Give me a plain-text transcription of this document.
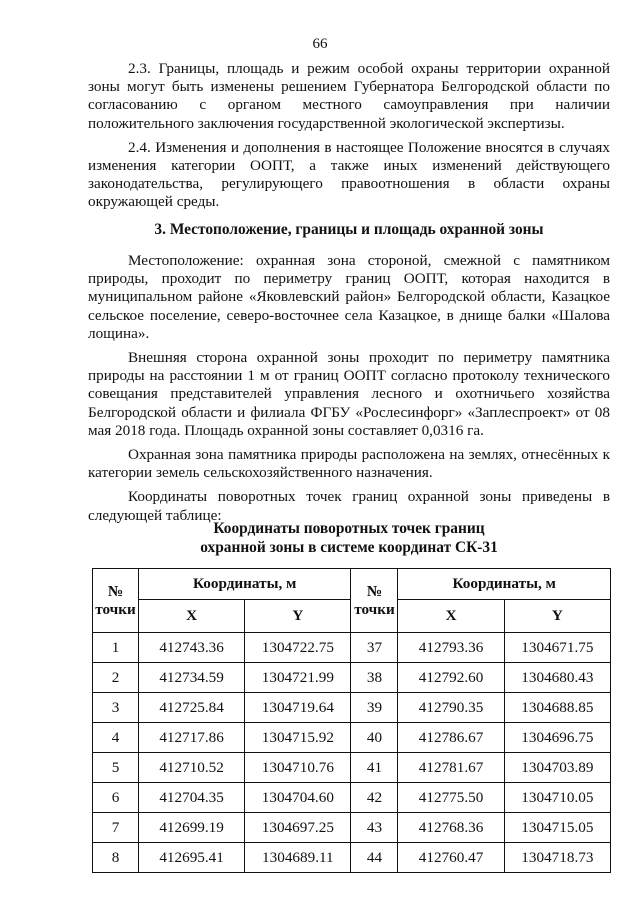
66

2.3. Границы, площадь и режим особой охраны территории охранной зоны могут быть изменены решением Губернатора Белгородской области по согласованию с органом местного самоуправления при наличии положительного заключения государственной экологической экспертизы.

2.4. Изменения и дополнения в настоящее Положение вносятся в случаях изменения категории ООПТ, а также иных изменений действующего законодательства, регулирующего правоотношения в области охраны окружающей среды.

3. Местоположение, границы и площадь охранной зоны

Местоположение: охранная зона стороной, смежной с памятником природы, проходит по периметру границ ООПТ, которая находится в муниципальном районе «Яковлевский район» Белгородской области, Казацкое сельское поселение, северо-восточнее села Казацкое, в днище балки «Шалова лощина».

Внешняя сторона охранной зоны проходит по периметру памятника природы на расстоянии 1 м от границ ООПТ согласно протоколу технического совещания представителей управления лесного и охотничьего хозяйства Белгородской области и филиала ФГБУ «Рослесинфорг» «Заплеспроект» от 08 мая 2018 года. Площадь охранной зоны составляет 0,0316 га.

Охранная зона памятника природы расположена на землях, отнесённых к категории земель сельскохозяйственного назначения.

Координаты поворотных точек границ охранной зоны приведены в следующей таблице:

Координаты поворотных точек границ
охранной зоны в системе координат СК-31
№ точки	Координаты, м		№ точки	Координаты, м	
	X	Y		X	Y
1	412743.36	1304722.75	37	412793.36	1304671.75
2	412734.59	1304721.99	38	412792.60	1304680.43
3	412725.84	1304719.64	39	412790.35	1304688.85
4	412717.86	1304715.92	40	412786.67	1304696.75
5	412710.52	1304710.76	41	412781.67	1304703.89
6	412704.35	1304704.60	42	412775.50	1304710.05
7	412699.19	1304697.25	43	412768.36	1304715.05
8	412695.41	1304689.11	44	412760.47	1304718.73
